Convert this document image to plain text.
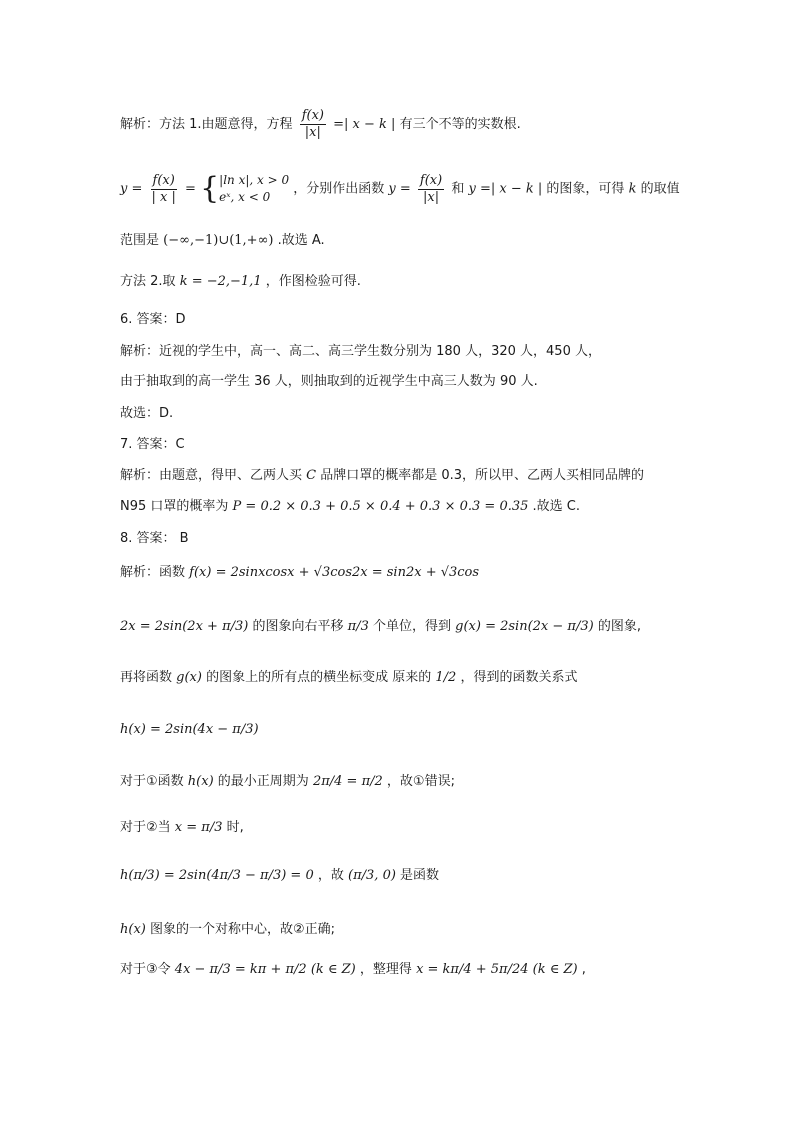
解析：方法 1.由题意得，方程 $\frac{f(x)}{|x|}$ =| x − k | 有三个不等的实数根.
$y = \frac{f(x)}{| x |}$ = { |ln x|, x > 0
eˣ, x < 0
，分别作出函数 $y = \frac{f(x)}{|x|}$ 和 y =| x − k | 的图象，可得 k 的取值
范围是 (−∞,−1)∪(1,+∞) .故选 A.
方法 2.取 k = −2,−1,1 ，作图检验可得.
6. 答案：D
解析：近视的学生中，高一、高二、高三学生数分别为 180 人，320 人，450 人，
由于抽取到的高一学生 36 人，则抽取到的近视学生中高三人数为 90 人.
故选：D.
7. 答案：C
解析：由题意，得甲、乙两人买 C 品牌口罩的概率都是 0.3，所以甲、乙两人买相同品牌的
N95 口罩的概率为 P = 0.2 × 0.3 + 0.5 × 0.4 + 0.3 × 0.3 = 0.35 .故选 C.
8. 答案： B
解析：函数 f(x) = 2sinxcosx + √3cos2x = sin2x + √3cos
2x = 2sin(2x + π/3) 的图象向右平移 π/3 个单位，得到 g(x) = 2sin(2x − π/3) 的图象,
再将函数 g(x) 的图象上的所有点的横坐标变成 原来的 1/2 ，得到的函数关系式
h(x) = 2sin(4x − π/3)
对于①函数 h(x) 的最小正周期为 2π/4 = π/2 ，故①错误;
对于②当 x = π/3 时,
h(π/3) = 2sin(4π/3 − π/3) = 0 ，故 (π/3, 0) 是函数
h(x) 图象的一个对称中心，故②正确;
对于③令 4x − π/3 = kπ + π/2 (k ∈ Z) ，整理得 x = kπ/4 + 5π/24 (k ∈ Z) ,
